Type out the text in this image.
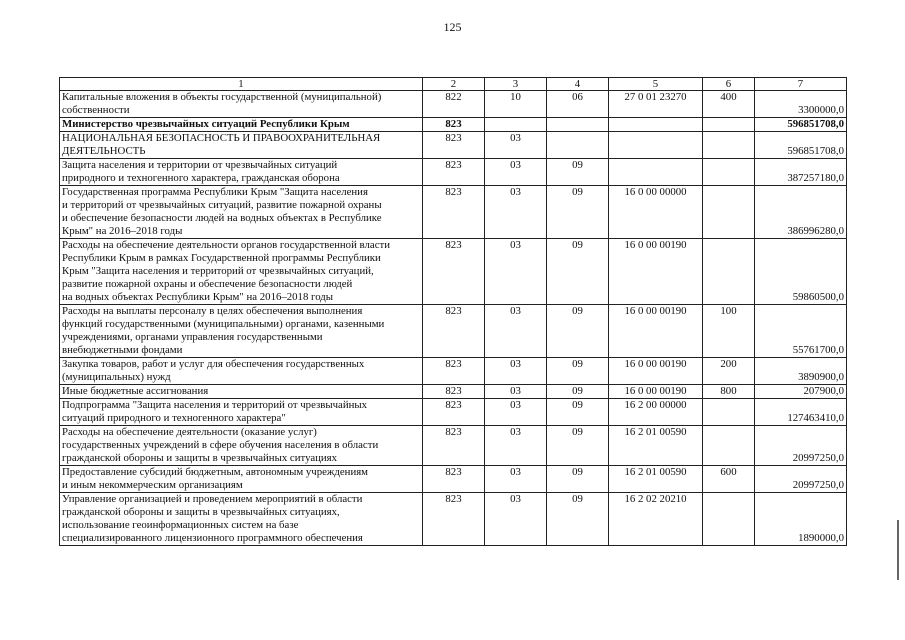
125
1	2	3	4	5	6	7
Капитальные вложения в объекты государственной (муниципальной)
собственности	822	10	06	27 0 01 23270	400	3300000,0
Министерство чрезвычайных ситуаций Республики Крым	823					596851708,0
НАЦИОНАЛЬНАЯ БЕЗОПАСНОСТЬ И ПРАВООХРАНИТЕЛЬНАЯ
ДЕЯТЕЛЬНОСТЬ	823	03				596851708,0
Защита населения и территории от чрезвычайных ситуаций
природного и техногенного характера, гражданская оборона	823	03	09			387257180,0
Государственная программа Республики Крым "Защита населения
и территорий от чрезвычайных ситуаций, развитие пожарной охраны
и обеспечение безопасности людей на водных объектах в Республике
Крым" на 2016–2018 годы	823	03	09	16 0 00 00000		386996280,0
Расходы на обеспечение деятельности органов государственной власти
Республики Крым в рамках Государственной программы Республики
Крым "Защита населения и территорий от чрезвычайных ситуаций,
развитие пожарной охраны и обеспечение безопасности людей
на водных объектах Республики Крым" на 2016–2018 годы	823	03	09	16 0 00 00190		59860500,0
Расходы на выплаты персоналу в целях обеспечения выполнения
функций государственными (муниципальными) органами, казенными
учреждениями, органами управления государственными
внебюджетными фондами	823	03	09	16 0 00 00190	100	55761700,0
Закупка товаров, работ и услуг для обеспечения государственных
(муниципальных) нужд	823	03	09	16 0 00 00190	200	3890900,0
Иные бюджетные ассигнования	823	03	09	16 0 00 00190	800	207900,0
Подпрограмма "Защита населения и территорий от чрезвычайных
ситуаций природного и техногенного характера"	823	03	09	16 2 00 00000		127463410,0
Расходы на обеспечение деятельности (оказание услуг)
государственных учреждений в сфере обучения населения в области
гражданской обороны и защиты в чрезвычайных ситуациях	823	03	09	16 2 01 00590		20997250,0
Предоставление субсидий бюджетным, автономным учреждениям
и иным некоммерческим организациям	823	03	09	16 2 01 00590	600	20997250,0
Управление организацией и проведением мероприятий в области
гражданской обороны и защиты в чрезвычайных ситуациях,
использование геоинформационных систем на базе
специализированного лицензионного программного обеспечения	823	03	09	16 2 02 20210		1890000,0
